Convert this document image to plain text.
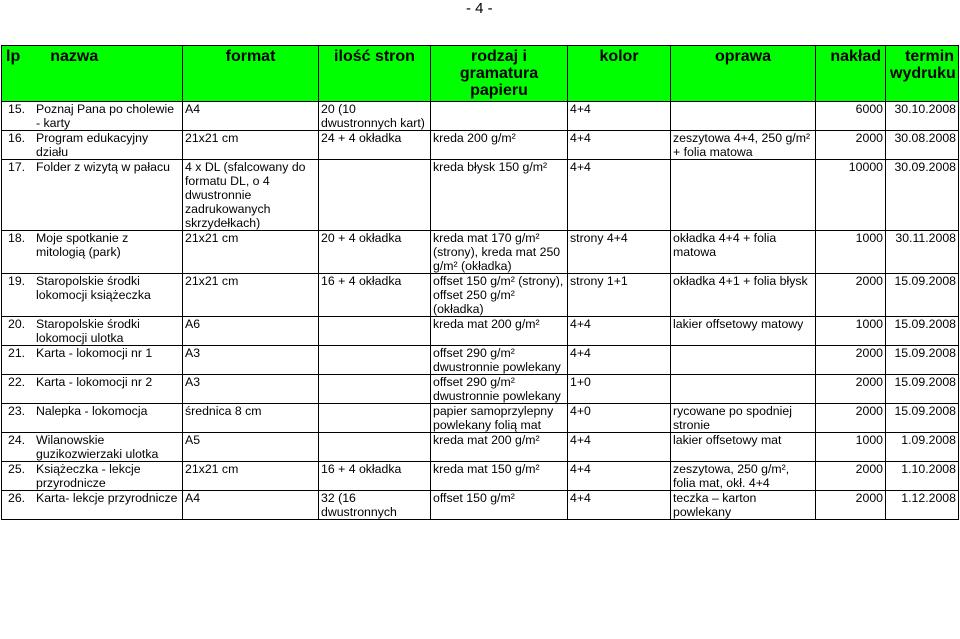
- 4 -
lp nazwa	format	ilość stron	rodzaj i gramatura papieru	kolor	oprawa	nakład	termin wydruku

15. Poznaj Pana po cholewie - karty	A4	20 (10 dwustronnych kart)		4+4		6000	30.10.2008

16. Program edukacyjny działu	21x21 cm	24 + 4 okładka	kreda 200 g/m²	4+4	zeszytowa 4+4, 250 g/m² + folia matowa	2000	30.08.2008

17. Folder z wizytą w pałacu	4 x DL (sfalcowany do formatu DL, o 4 dwustronnie zadrukowanych skrzydełkach)		kreda błysk 150 g/m²	4+4		10000	30.09.2008

18. Moje spotkanie z mitologią (park)	21x21 cm	20 + 4 okładka	kreda mat 170 g/m² (strony), kreda mat 250 g/m² (okładka)	strony 4+4	okładka 4+4 + folia matowa	1000	30.11.2008

19. Staropolskie środki lokomocji książeczka	21x21 cm	16 + 4 okładka	offset 150 g/m² (strony), offset 250 g/m² (okładka)	strony 1+1	okładka 4+1 + folia błysk	2000	15.09.2008

20. Staropolskie środki lokomocji ulotka	A6		kreda mat 200 g/m²	4+4	lakier offsetowy matowy	1000	15.09.2008

21. Karta - lokomocji nr 1	A3		offset 290 g/m² dwustronnie powlekany	4+4		2000	15.09.2008

22. Karta - lokomocji nr 2	A3		offset 290 g/m² dwustronnie powlekany	1+0		2000	15.09.2008

23. Nalepka - lokomocja	średnica 8 cm		papier samoprzylepny powlekany folią mat	4+0	rycowane po spodniej stronie	2000	15.09.2008

24. Wilanowskie guzikozwierzaki ulotka	A5		kreda mat 200 g/m²	4+4	lakier offsetowy mat	1000	1.09.2008

25. Książeczka - lekcje przyrodnicze	21x21 cm	16 + 4 okładka	kreda mat 150 g/m²	4+4	zeszytowa, 250 g/m², folia mat, okł. 4+4	2000	1.10.2008

26. Karta- lekcje przyrodnicze	A4	32 (16 dwustronnych	offset 150 g/m²	4+4	teczka – karton powlekany	2000	1.12.2008
